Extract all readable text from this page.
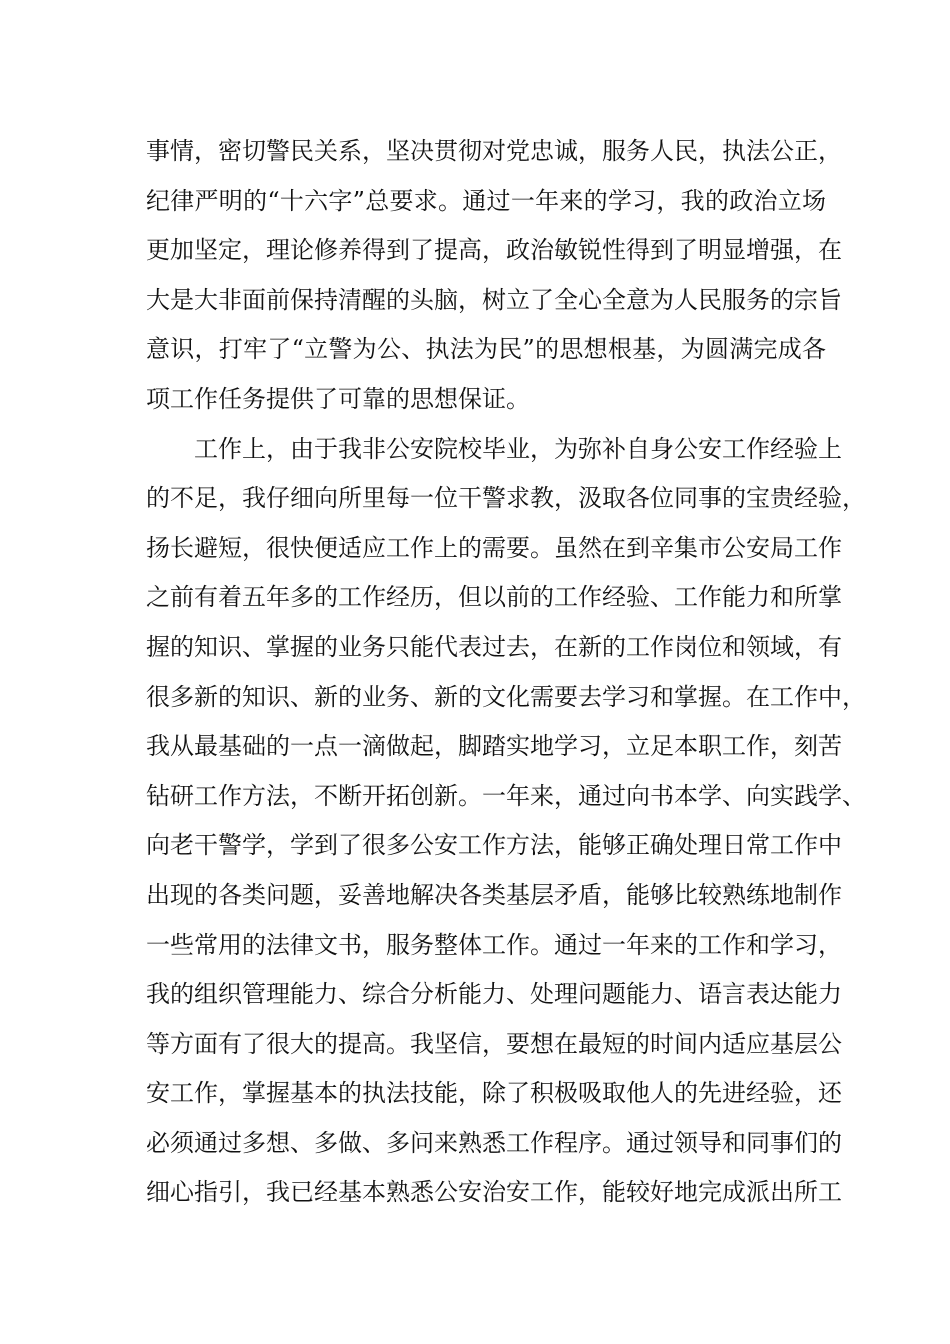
事 情 ， 密 切 警 民 关 系 ， 坚 决 贯 彻 对 党 忠 诚 ， 服 务 人 民 ， 执 法 公 正 ，
纪 律 严 明 的 “ 十 六 字 ” 总 要 求 。 通 过 一 年 来 的 学 习 ， 我 的 政 治 立 场
更 加 坚 定 ， 理 论 修 养 得 到 了 提 高 ， 政 治 敏 锐 性 得 到 了 明 显 增 强 ， 在
大 是 大 非 面 前 保 持 清 醒 的 头 脑 ， 树 立 了 全 心 全 意 为 人 民 服 务 的 宗 旨
意 识 ， 打 牢 了 “ 立 警 为 公 、 执 法 为 民 ” 的 思 想 根 基 ， 为 圆 满 完 成 各
项工作任务提供了可靠的思想保证。
工 作 上 ， 由 于 我 非 公 安 院 校 毕 业 ， 为 弥 补 自 身 公 安 工 作 经 验 上
的 不 足 ， 我 仔 细 向 所 里 每 一 位 干 警 求 教 ， 汲 取 各 位 同 事 的 宝 贵 经 验 ，
扬 长 避 短 ， 很 快 便 适 应 工 作 上 的 需 要 。 虽 然 在 到 辛 集 市 公 安 局 工 作
之 前 有 着 五 年 多 的 工 作 经 历 ， 但 以 前 的 工 作 经 验 、 工 作 能 力 和 所 掌
握 的 知 识 、 掌 握 的 业 务 只 能 代 表 过 去 ， 在 新 的 工 作 岗 位 和 领 域 ， 有
很 多 新 的 知 识 、 新 的 业 务 、 新 的 文 化 需 要 去 学 习 和 掌 握 。 在 工 作 中 ，
我 从 最 基 础 的 一 点 一 滴 做 起 ， 脚 踏 实 地 学 习 ， 立 足 本 职 工 作 ， 刻 苦
钻 研 工 作 方 法 ， 不 断 开 拓 创 新 。 一 年 来 ， 通 过 向 书 本 学 、 向 实 践 学 、
向 老 干 警 学 ， 学 到 了 很 多 公 安 工 作 方 法 ， 能 够 正 确 处 理 日 常 工 作 中
出 现 的 各 类 问 题 ， 妥 善 地 解 决 各 类 基 层 矛 盾 ， 能 够 比 较 熟 练 地 制 作
一 些 常 用 的 法 律 文 书 ， 服 务 整 体 工 作 。 通 过 一 年 来 的 工 作 和 学 习 ，
我 的 组 织 管 理 能 力 、 综 合 分 析 能 力 、 处 理 问 题 能 力 、 语 言 表 达 能 力
等 方 面 有 了 很 大 的 提 高 。 我 坚 信 ， 要 想 在 最 短 的 时 间 内 适 应 基 层 公
安 工 作 ， 掌 握 基 本 的 执 法 技 能 ， 除 了 积 极 吸 取 他 人 的 先 进 经 验 ， 还
必 须 通 过 多 想 、 多 做 、 多 问 来 熟 悉 工 作 程 序 。 通 过 领 导 和 同 事 们 的
细 心 指 引 ， 我 已 经 基 本 熟 悉 公 安 治 安 工 作 ， 能 较 好 地 完 成 派 出 所 工
